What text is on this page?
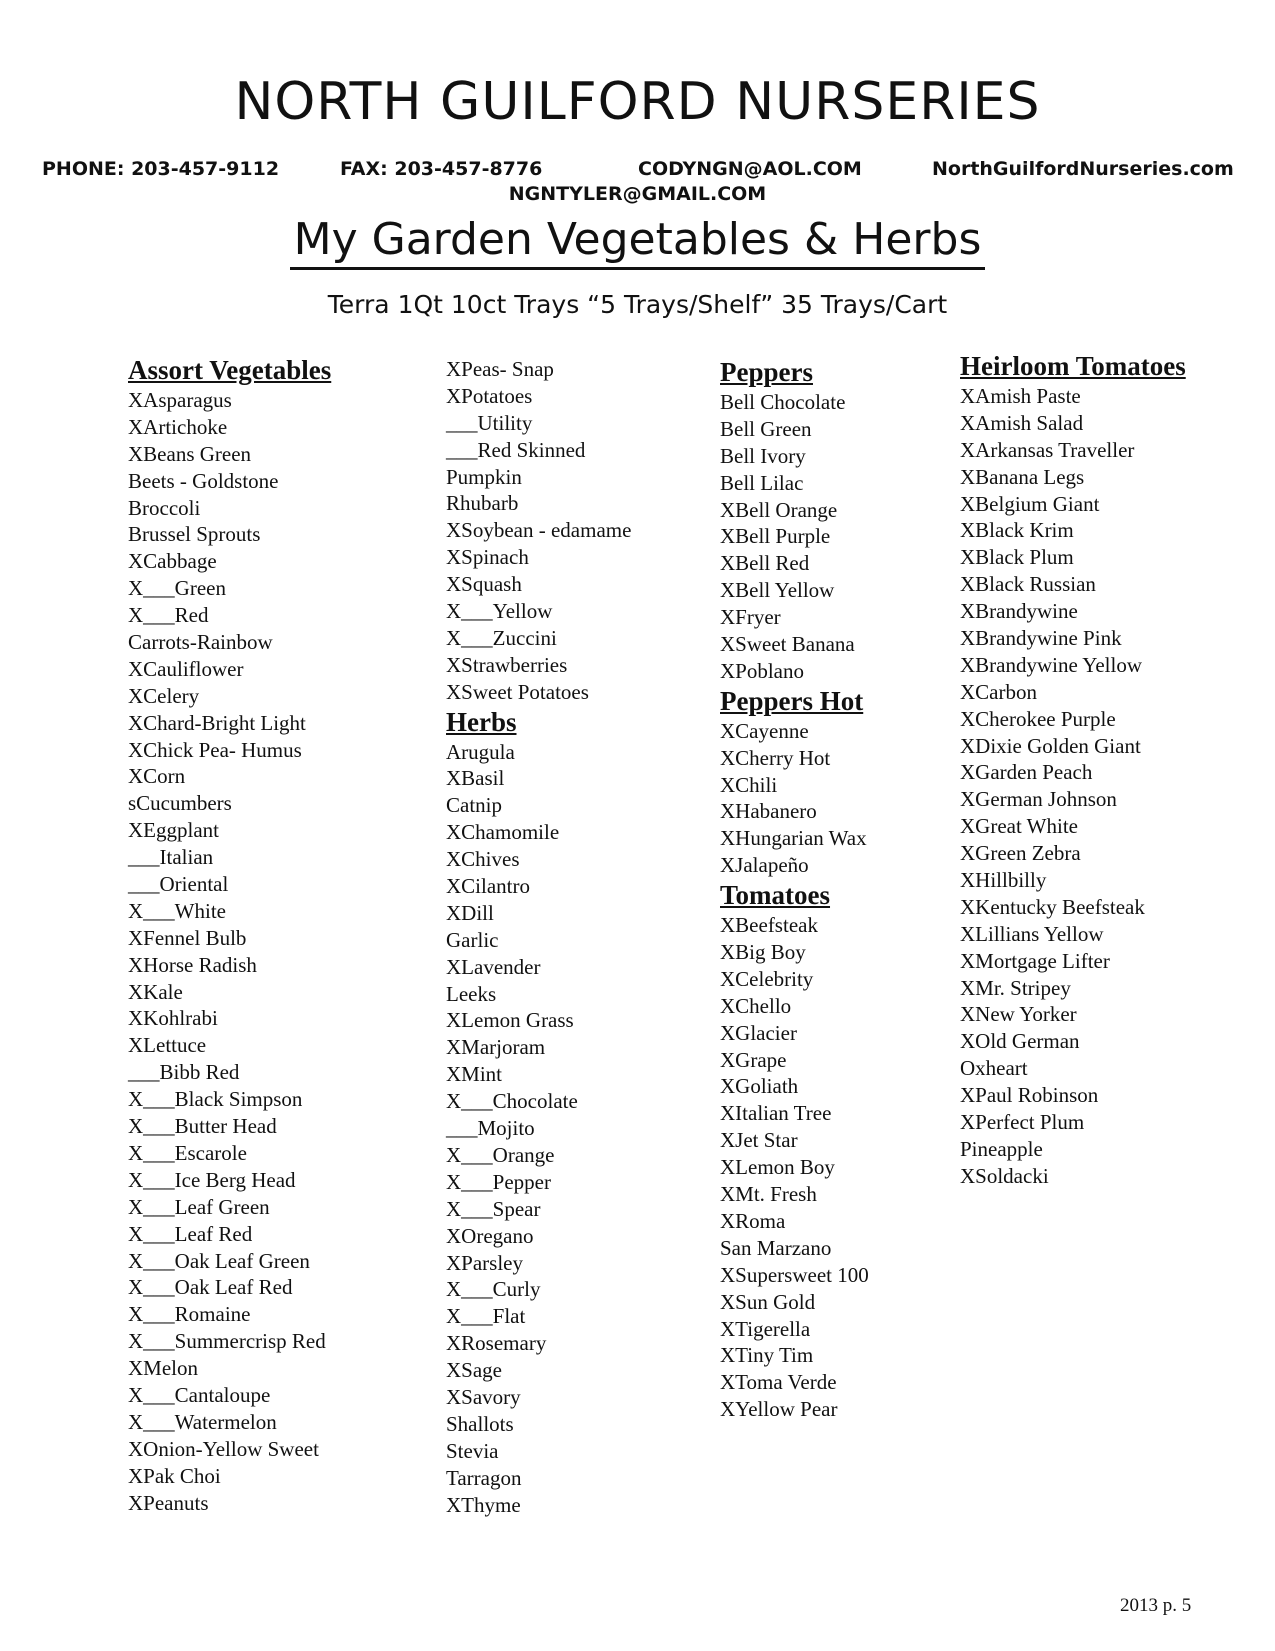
NORTH GUILFORD NURSERIES
PHONE: 203-457-9112	FAX: 203-457-8776	CODYNGN@AOL.COM	NorthGuilfordNurseries.com
NGNTYLER@GMAIL.COM
My Garden Vegetables & Herbs
Terra 1Qt 10ct Trays “5 Trays/Shelf” 35 Trays/Cart
Assort Vegetables
XAsparagus
XArtichoke
XBeans Green
Beets - Goldstone
Broccoli
Brussel Sprouts
XCabbage
X___Green
X___Red
Carrots-Rainbow
XCauliflower
XCelery
XChard-Bright Light
XChick Pea- Humus
XCorn
sCucumbers
XEggplant
___Italian
___Oriental
X___White
XFennel Bulb
XHorse Radish
XKale
XKohlrabi
XLettuce
___Bibb Red
X___Black Simpson
X___Butter Head
X___Escarole
X___Ice Berg Head
X___Leaf Green
X___Leaf Red
X___Oak Leaf Green
X___Oak Leaf Red
X___Romaine
X___Summercrisp Red
XMelon
X___Cantaloupe
X___Watermelon
XOnion-Yellow Sweet
XPak Choi
XPeanuts
XPeas- Snap
XPotatoes
___Utility
___Red Skinned
Pumpkin
Rhubarb
XSoybean - edamame
XSpinach
XSquash
X___Yellow
X___Zuccini
XStrawberries
XSweet Potatoes
Herbs
Arugula
XBasil
Catnip
XChamomile
XChives
XCilantro
XDill
Garlic
XLavender
Leeks
XLemon Grass
XMarjoram
XMint
X___Chocolate
___Mojito
X___Orange
X___Pepper
X___Spear
XOregano
XParsley
X___Curly
X___Flat
XRosemary
XSage
XSavory
Shallots
Stevia
Tarragon
XThyme
Peppers
Bell Chocolate
Bell Green
Bell Ivory
Bell Lilac
XBell Orange
XBell Purple
XBell Red
XBell Yellow
XFryer
XSweet Banana
XPoblano
Peppers Hot
XCayenne
XCherry Hot
XChili
XHabanero
XHungarian Wax
XJalapeño
Tomatoes
XBeefsteak
XBig Boy
XCelebrity
XChello
XGlacier
XGrape
XGoliath
XItalian Tree
XJet Star
XLemon Boy
XMt. Fresh
XRoma
San Marzano
XSupersweet 100
XSun Gold
XTigerella
XTiny Tim
XToma Verde
XYellow Pear
Heirloom Tomatoes
XAmish Paste
XAmish Salad
XArkansas Traveller
XBanana Legs
XBelgium Giant
XBlack Krim
XBlack Plum
XBlack Russian
XBrandywine
XBrandywine Pink
XBrandywine Yellow
XCarbon
XCherokee Purple
XDixie Golden Giant
XGarden Peach
XGerman Johnson
XGreat White
XGreen Zebra
XHillbilly
XKentucky Beefsteak
XLillians Yellow
XMortgage Lifter
XMr. Stripey
XNew Yorker
XOld German
Oxheart
XPaul Robinson
XPerfect Plum
Pineapple
XSoldacki
2013 p. 5
